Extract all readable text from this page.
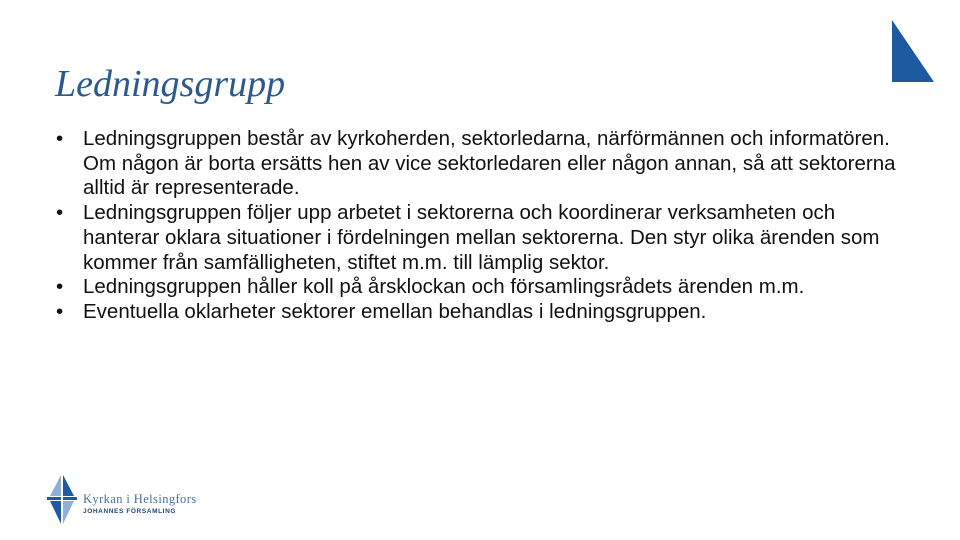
Ledningsgrupp
• Ledningsgruppen består av kyrkoherden, sektorledarna, närförmännen och informatören. Om någon är borta ersätts hen av vice sektorledaren eller någon annan, så att sektorerna alltid är representerade.
• Ledningsgruppen följer upp arbetet i sektorerna och koordinerar verksamheten och hanterar oklara situationer i fördelningen mellan sektorerna. Den styr olika ärenden som kommer från samfälligheten, stiftet m.m. till lämplig sektor.
• Ledningsgruppen håller koll på årsklockan och församlingsrådets ärenden m.m.
• Eventuella oklarheter sektorer emellan behandlas i ledningsgruppen.
Kyrkan i Helsingfors
JOHANNES FÖRSAMLING
